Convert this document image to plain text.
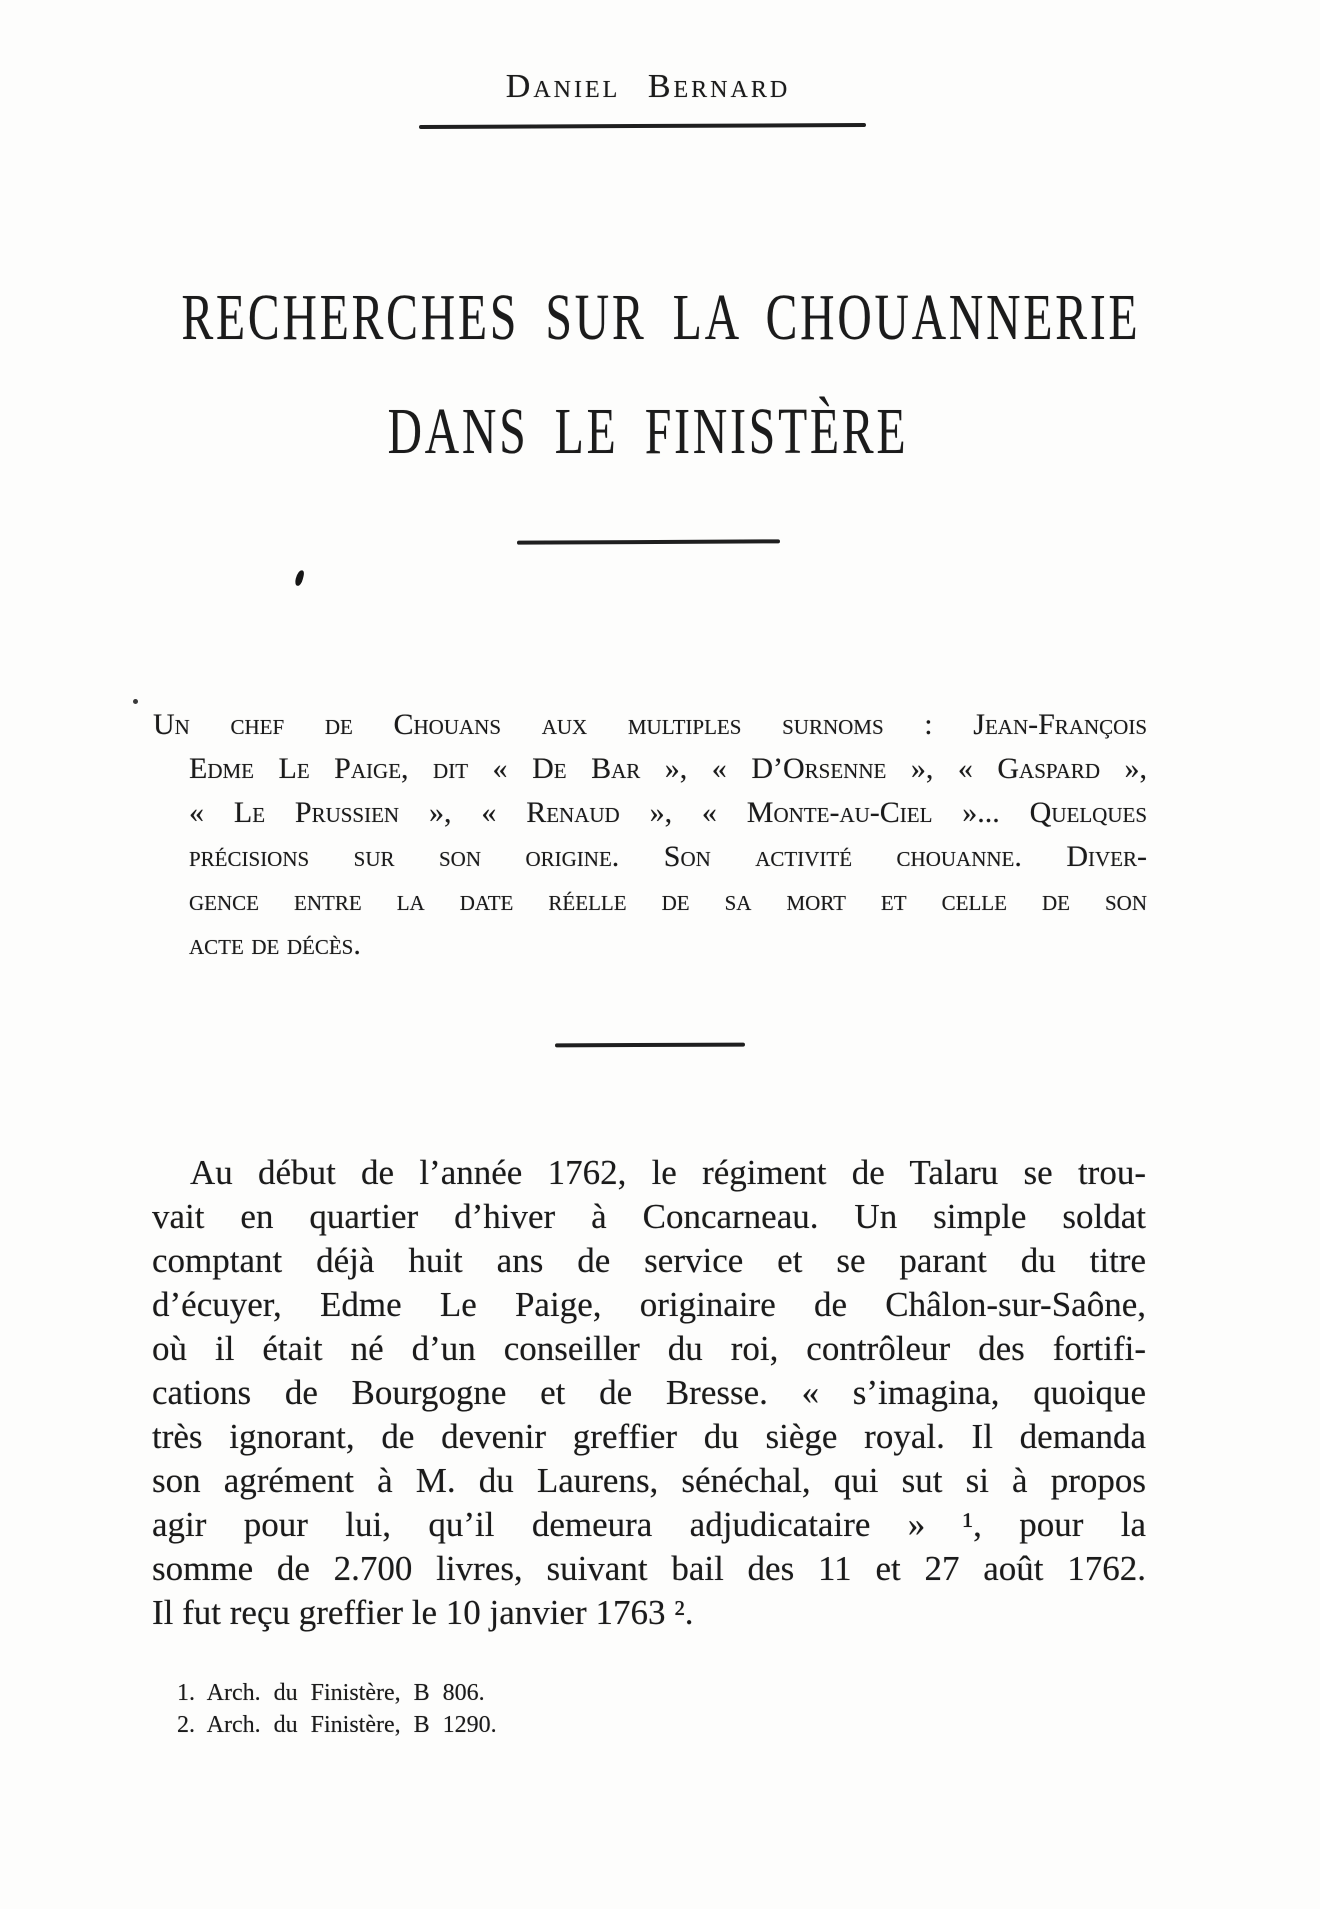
Daniel Bernard
RECHERCHES SUR LA CHOUANNERIE
DANS LE FINISTÈRE
Un chef de Chouans aux multiples surnoms : Jean-François
Edme Le Paige, dit « De Bar », « D’Orsenne », « Gaspard »,
« Le Prussien », « Renaud », « Monte-au-Ciel »... Quelques
précisions sur son origine. Son activité chouanne. Diver-
gence entre la date réelle de sa mort et celle de son
acte de décès.
Au début de l’année 1762, le régiment de Talaru se trou-
vait en quartier d’hiver à Concarneau. Un simple soldat
comptant déjà huit ans de service et se parant du titre
d’écuyer, Edme Le Paige, originaire de Châlon-sur-Saône,
où il était né d’un conseiller du roi, contrôleur des fortifi-
cations de Bourgogne et de Bresse. « s’imagina, quoique
très ignorant, de devenir greffier du siège royal. Il demanda
son agrément à M. du Laurens, sénéchal, qui sut si à propos
agir pour lui, qu’il demeura adjudicataire » ¹, pour la
somme de 2.700 livres, suivant bail des 11 et 27 août 1762.
Il fut reçu greffier le 10 janvier 1763 ².
1. Arch. du Finistère, B 806.
2. Arch. du Finistère, B 1290.
